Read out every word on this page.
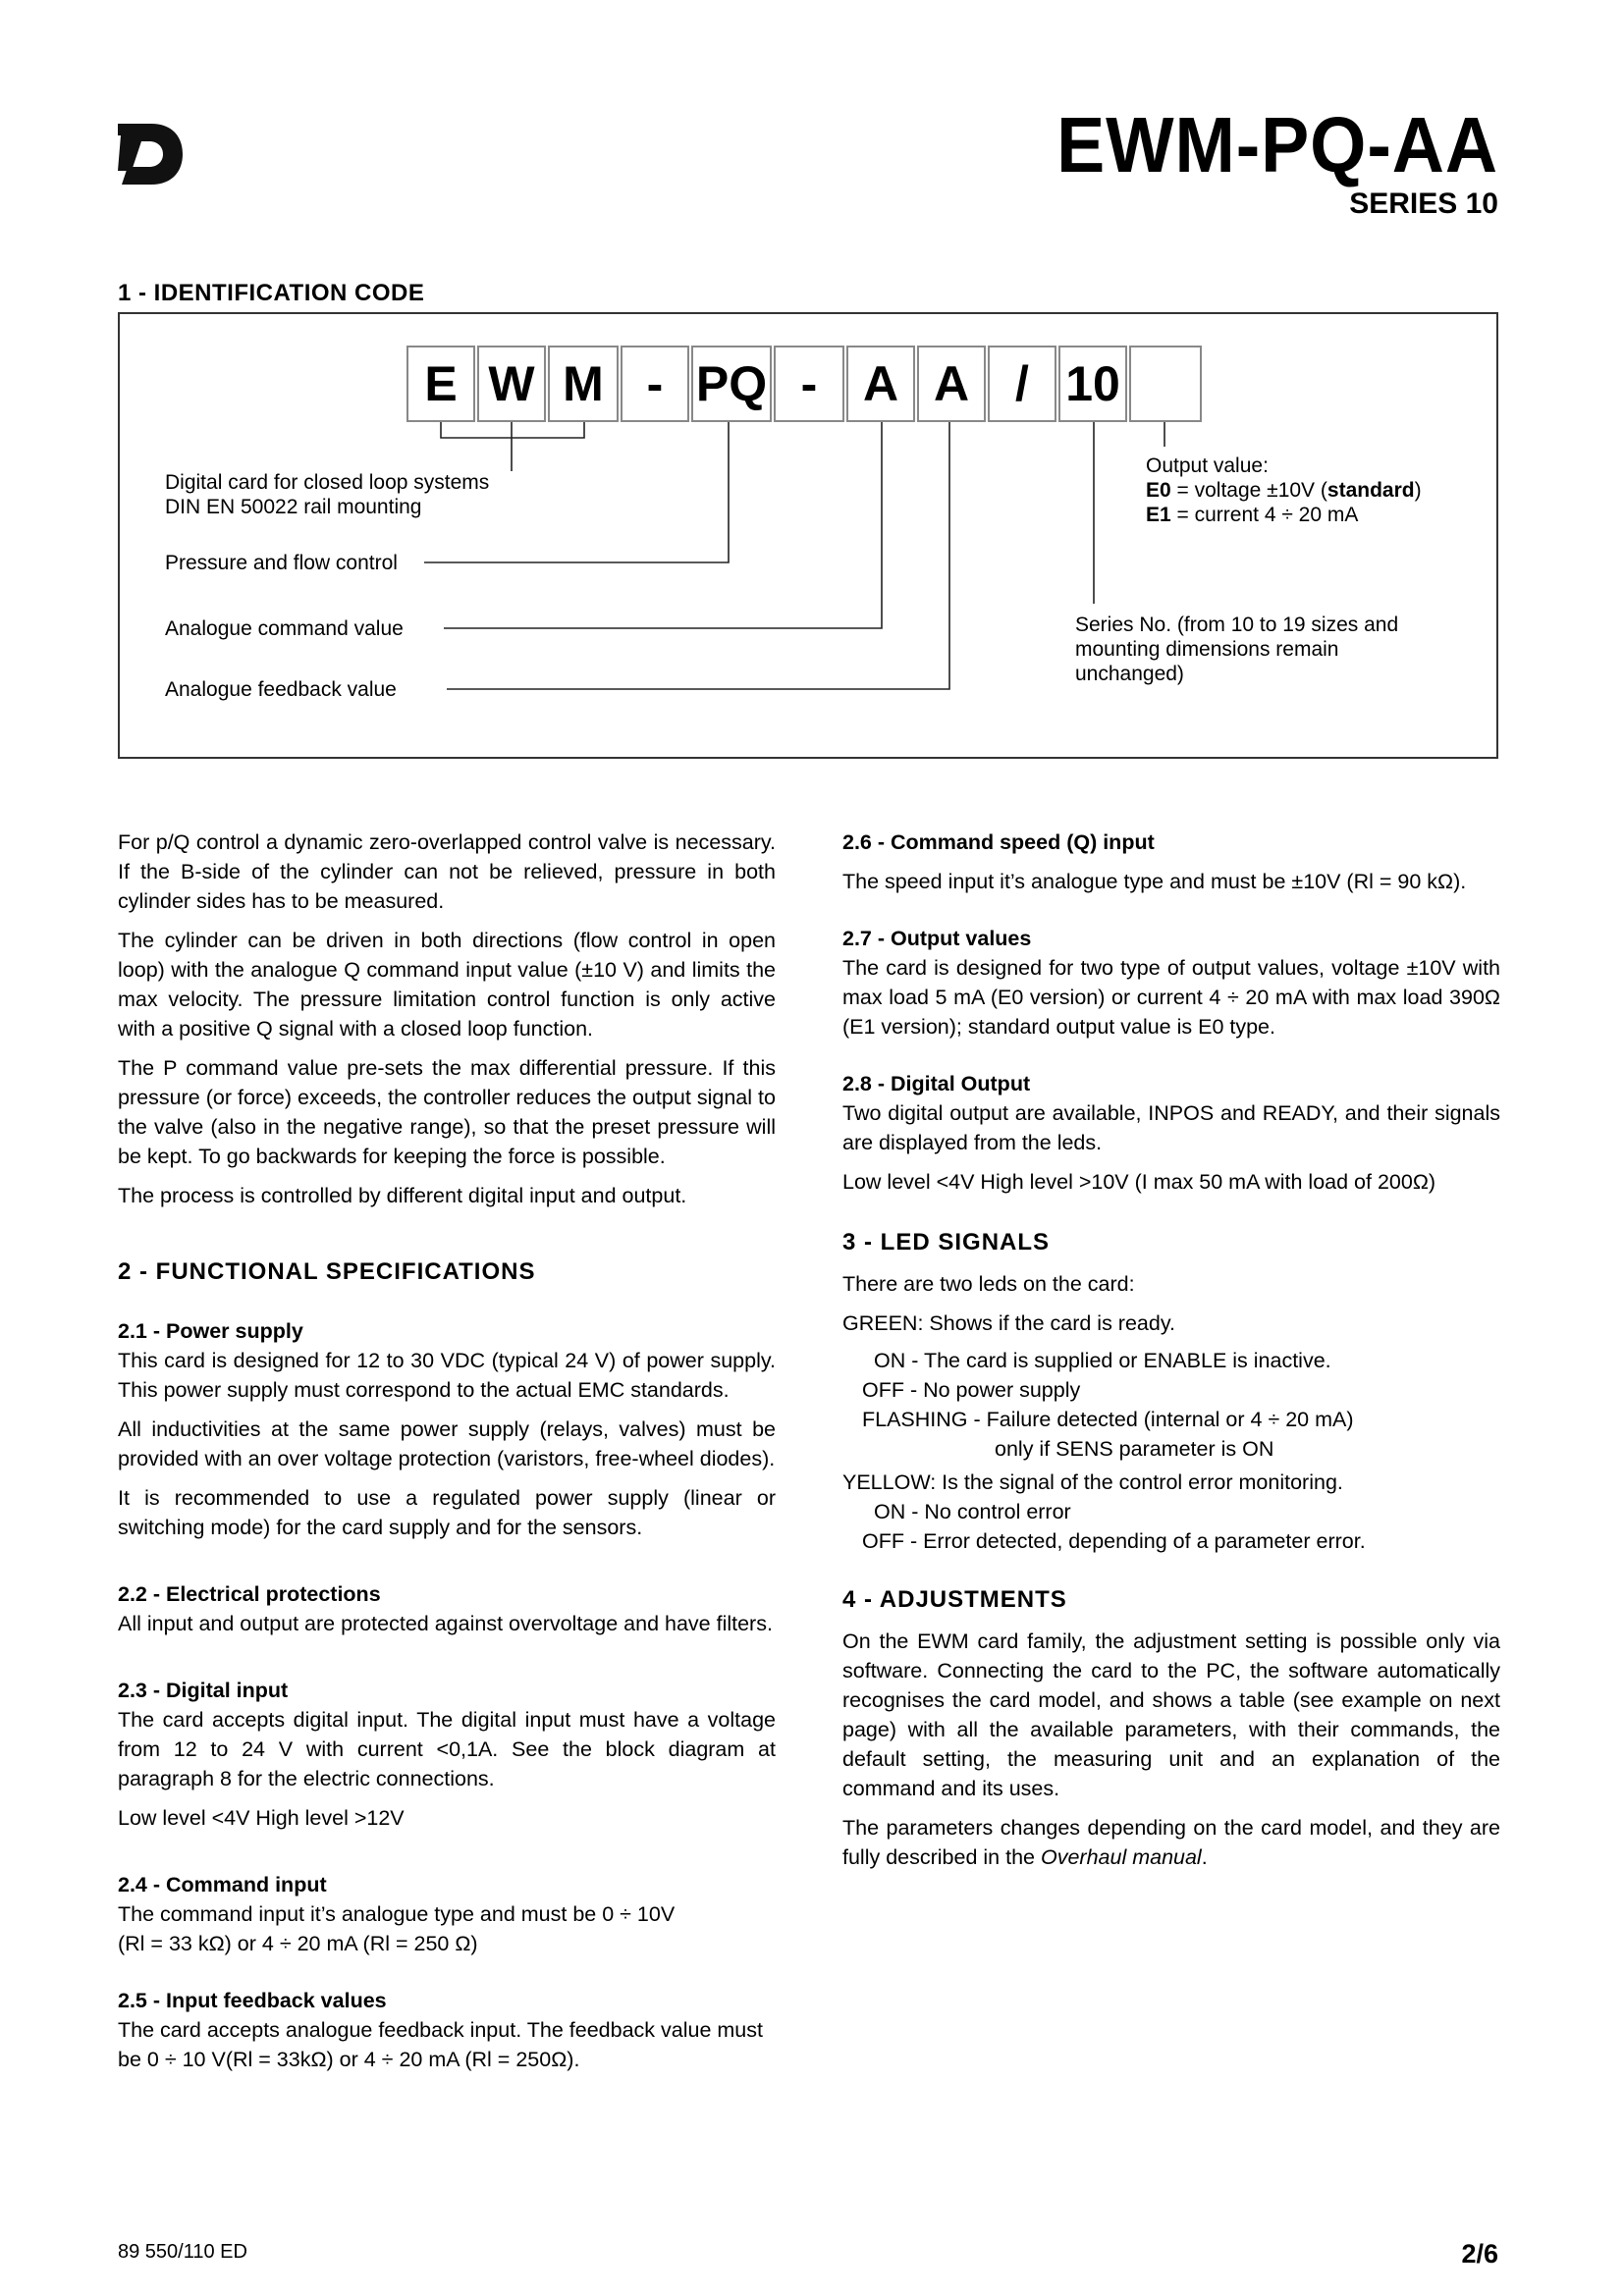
EWM-PQ-AA
SERIES 10
1 - IDENTIFICATION CODE
E W M - PQ - A A / 10
Digital card for closed loop systems
DIN EN 50022 rail mounting
Pressure and flow control
Analogue command value
Analogue feedback value
Output value:
E0 = voltage ±10V (standard)
E1 = current 4 ÷ 20 mA
Series No. (from 10 to 19 sizes and
mounting dimensions remain
unchanged)

For p/Q control a dynamic zero-overlapped control valve is necessary. If the B-side of the cylinder can not be relieved, pressure in both cylinder sides has to be measured.

The cylinder can be driven in both directions (flow control in open loop) with the analogue Q command input value (±10 V) and limits the max velocity. The pressure limitation control function is only active with a positive Q signal with a closed loop function.

The P command value pre-sets the max differential pressure. If this pressure (or force) exceeds, the controller reduces the output signal to the valve (also in the negative range), so that the preset pressure will be kept. To go backwards for keeping the force is possible.

The process is controlled by different digital input and output.

2 - FUNCTIONAL SPECIFICATIONS
2.1 - Power supply

This card is designed for 12 to 30 VDC (typical 24 V) of power supply. This power supply must correspond to the actual EMC standards.

All inductivities at the same power supply (relays, valves) must be provided with an over voltage protection (varistors, free-wheel diodes).

It is recommended to use a regulated power supply (linear or switching mode) for the card supply and for the sensors.

2.2 - Electrical protections

All input and output are protected against overvoltage and have filters.

2.3 - Digital input

The card accepts digital input. The digital input must have a voltage from 12 to 24 V with current <0,1A. See the block diagram at paragraph 8 for the electric connections.

Low level <4V High level >12V

2.4 - Command input

The command input it’s analogue type and must be 0 ÷ 10V
(Rl = 33 kΩ) or 4 ÷ 20 mA (Rl = 250 Ω)

2.5 - Input feedback values

The card accepts analogue feedback input. The feedback value must
be 0 ÷ 10 V(Rl = 33kΩ) or 4 ÷ 20 mA (Rl = 250Ω).

2.6 - Command speed (Q) input

The speed input it’s analogue type and must be ±10V (Rl = 90 kΩ).

2.7 - Output values

The card is designed for two type of output values, voltage ±10V with max load 5 mA (E0 version) or current 4 ÷ 20 mA with max load 390Ω (E1 version); standard output value is E0 type.

2.8 - Digital Output

Two digital output are available, INPOS and READY, and their signals are displayed from the leds.

Low level <4V High level >10V (I max 50 mA with load of 200Ω)

3 - LED SIGNALS

There are two leds on the card:

GREEN: Shows if the card is ready.

ON - The card is supplied or ENABLE is inactive.
OFF - No power supply
FLASHING - Failure detected (internal or 4 ÷ 20 mA)
only if SENS parameter is ON
YELLOW: Is the signal of the control error monitoring.
ON - No control error
OFF - Error detected, depending of a parameter error.
4 - ADJUSTMENTS

On the EWM card family, the adjustment setting is possible only via software. Connecting the card to the PC, the software automatically recognises the card model, and shows a table (see example on next page) with all the available parameters, with their commands, the default setting, the measuring unit and an explanation of the command and its uses.

The parameters changes depending on the card model, and they are fully described in the Overhaul manual.

89 550/110 ED	2/6
